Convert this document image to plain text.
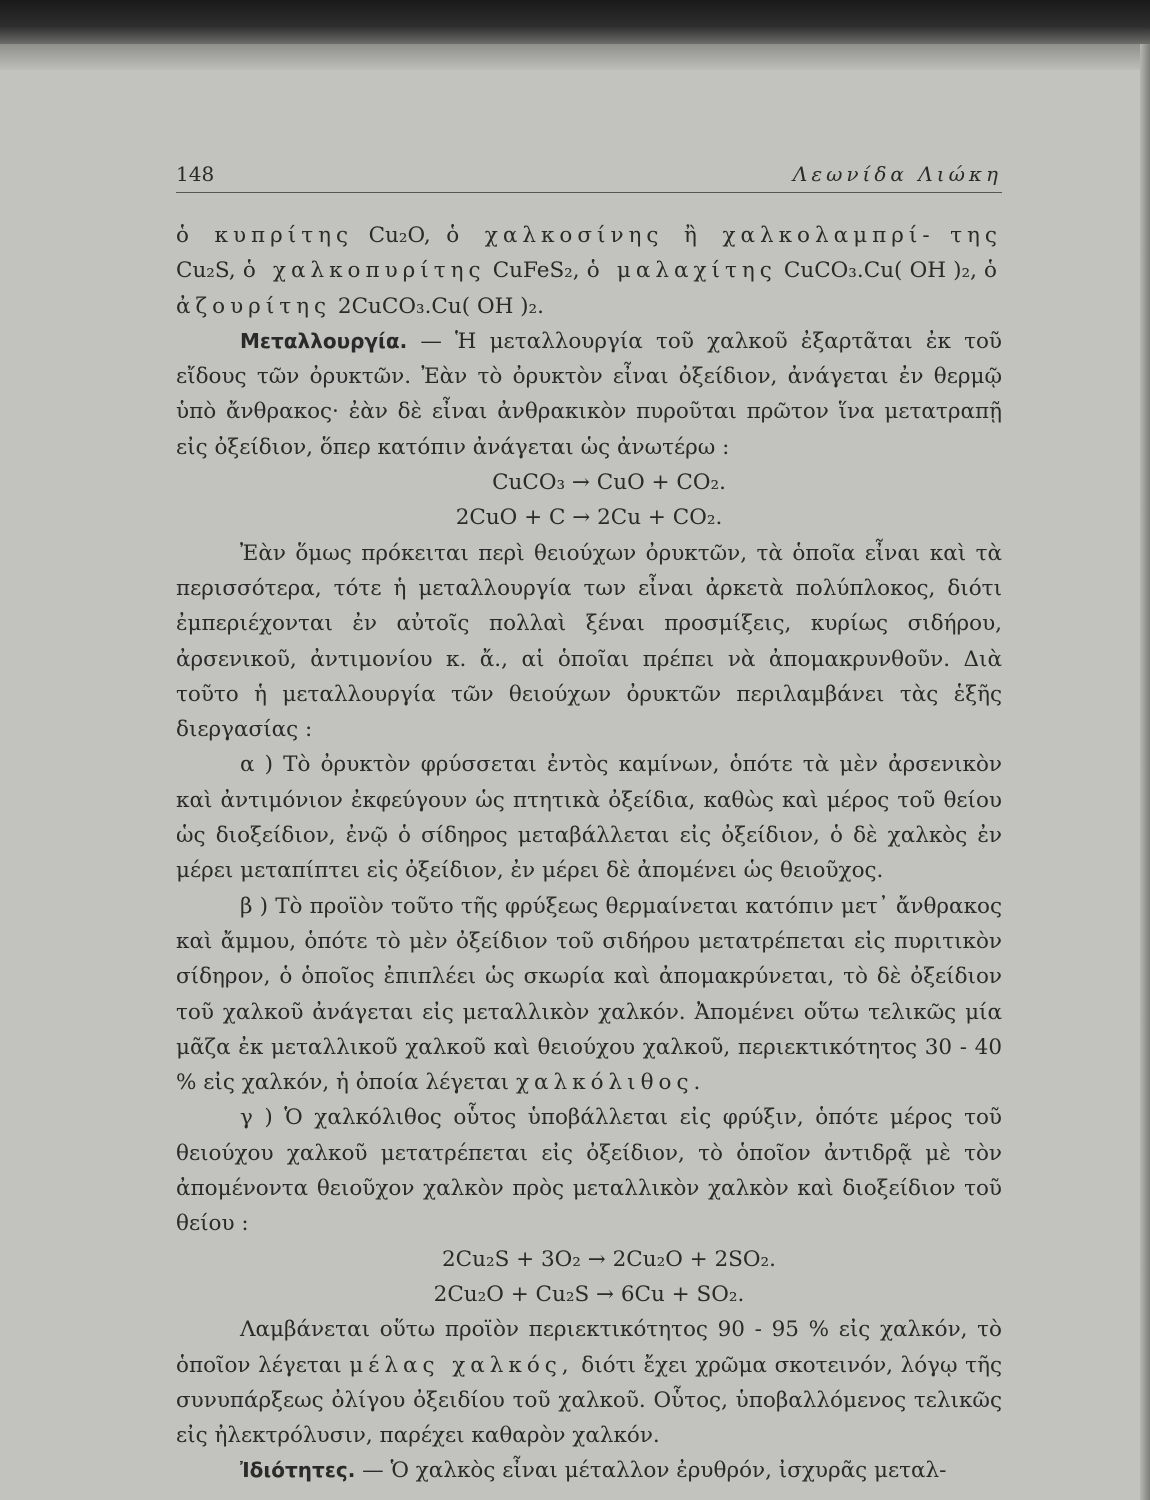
148	Λεωνίδα Λιώκη

ὁ κυπρίτης Cu₂O, ὁ χαλκοσίνης ἢ χαλκολαμπρί- της Cu₂S, ὁ χαλκοπυρίτης CuFeS₂, ὁ μαλαχίτης CuCO₃.Cu( OH )₂, ὁ ἀζουρίτης 2CuCO₃.Cu( OH )₂.

Μεταλλουργία. — Ἡ μεταλλουργία τοῦ χαλκοῦ ἐξαρτᾶται ἐκ τοῦ εἴδους τῶν ὀρυκτῶν. Ἐὰν τὸ ὀρυκτὸν εἶναι ὀξείδιον, ἀνάγεται ἐν θερμῷ ὑπὸ ἄνθρακος· ἐὰν δὲ εἶναι ἀνθρακικὸν πυροῦται πρῶτον ἵνα μετατραπῇ εἰς ὀξείδιον, ὅπερ κατόπιν ἀνάγεται ὡς ἀνωτέρω :

CuCO₃ → CuO + CO₂.

2CuO + C → 2Cu + CO₂.

Ἐὰν ὅμως πρόκειται περὶ θειούχων ὀρυκτῶν, τὰ ὁποῖα εἶναι καὶ τὰ περισσότερα, τότε ἡ μεταλλουργία των εἶναι ἀρκετὰ πολύπλοκος, διότι ἐμπεριέχονται ἐν αὐτοῖς πολλαὶ ξέναι προσμίξεις, κυρίως σιδήρου, ἀρσενικοῦ, ἀντιμονίου κ. ἄ., αἱ ὁποῖαι πρέπει νὰ ἀπομακρυνθοῦν. Διὰ τοῦτο ἡ μεταλλουργία τῶν θειούχων ὀρυκτῶν περιλαμβάνει τὰς ἑξῆς διεργασίας :

α ) Τὸ ὀρυκτὸν φρύσσεται ἐντὸς καμίνων, ὁπότε τὰ μὲν ἀρσενικὸν καὶ ἀντιμόνιον ἐκφεύγουν ὡς πτητικὰ ὀξείδια, καθὼς καὶ μέρος τοῦ θείου ὡς διοξείδιον, ἐνῷ ὁ σίδηρος μεταβάλλεται εἰς ὀξείδιον, ὁ δὲ χαλκὸς ἐν μέρει μεταπίπτει εἰς ὀξείδιον, ἐν μέρει δὲ ἀπομένει ὡς θειοῦχος.

β ) Τὸ προϊὸν τοῦτο τῆς φρύξεως θερμαίνεται κατόπιν μετ᾽ ἄνθρακος καὶ ἄμμου, ὁπότε τὸ μὲν ὀξείδιον τοῦ σιδήρου μετατρέπεται εἰς πυριτικὸν σίδηρον, ὁ ὁποῖος ἐπιπλέει ὡς σκωρία καὶ ἀπομακρύνεται, τὸ δὲ ὀξείδιον τοῦ χαλκοῦ ἀνάγεται εἰς μεταλλικὸν χαλκόν. Ἀπομένει οὕτω τελικῶς μία μᾶζα ἐκ μεταλλικοῦ χαλκοῦ καὶ θειούχου χαλκοῦ, περιεκτικότητος 30 - 40 % εἰς χαλκόν, ἡ ὁποία λέγεται χαλκόλιθος.

γ ) Ὁ χαλκόλιθος οὗτος ὑποβάλλεται εἰς φρύξιν, ὁπότε μέρος τοῦ θειούχου χαλκοῦ μετατρέπεται εἰς ὀξείδιον, τὸ ὁποῖον ἀντιδρᾷ μὲ τὸν ἀπομένοντα θειοῦχον χαλκὸν πρὸς μεταλλικὸν χαλκὸν καὶ διοξείδιον τοῦ θείου :

2Cu₂S + 3O₂ → 2Cu₂O + 2SO₂.

2Cu₂O + Cu₂S → 6Cu + SO₂.

Λαμβάνεται οὕτω προϊὸν περιεκτικότητος 90 - 95 % εἰς χαλκόν, τὸ ὁποῖον λέγεται μέλας χαλκός, διότι ἔχει χρῶμα σκοτεινόν, λόγῳ τῆς συνυπάρξεως ὀλίγου ὀξειδίου τοῦ χαλκοῦ. Οὗτος, ὑποβαλλόμενος τελικῶς εἰς ἠλεκτρόλυσιν, παρέχει καθαρὸν χαλκόν.

Ἰδιότητες. — Ὁ χαλκὸς εἶναι μέταλλον ἐρυθρόν, ἰσχυρᾶς μεταλ-
